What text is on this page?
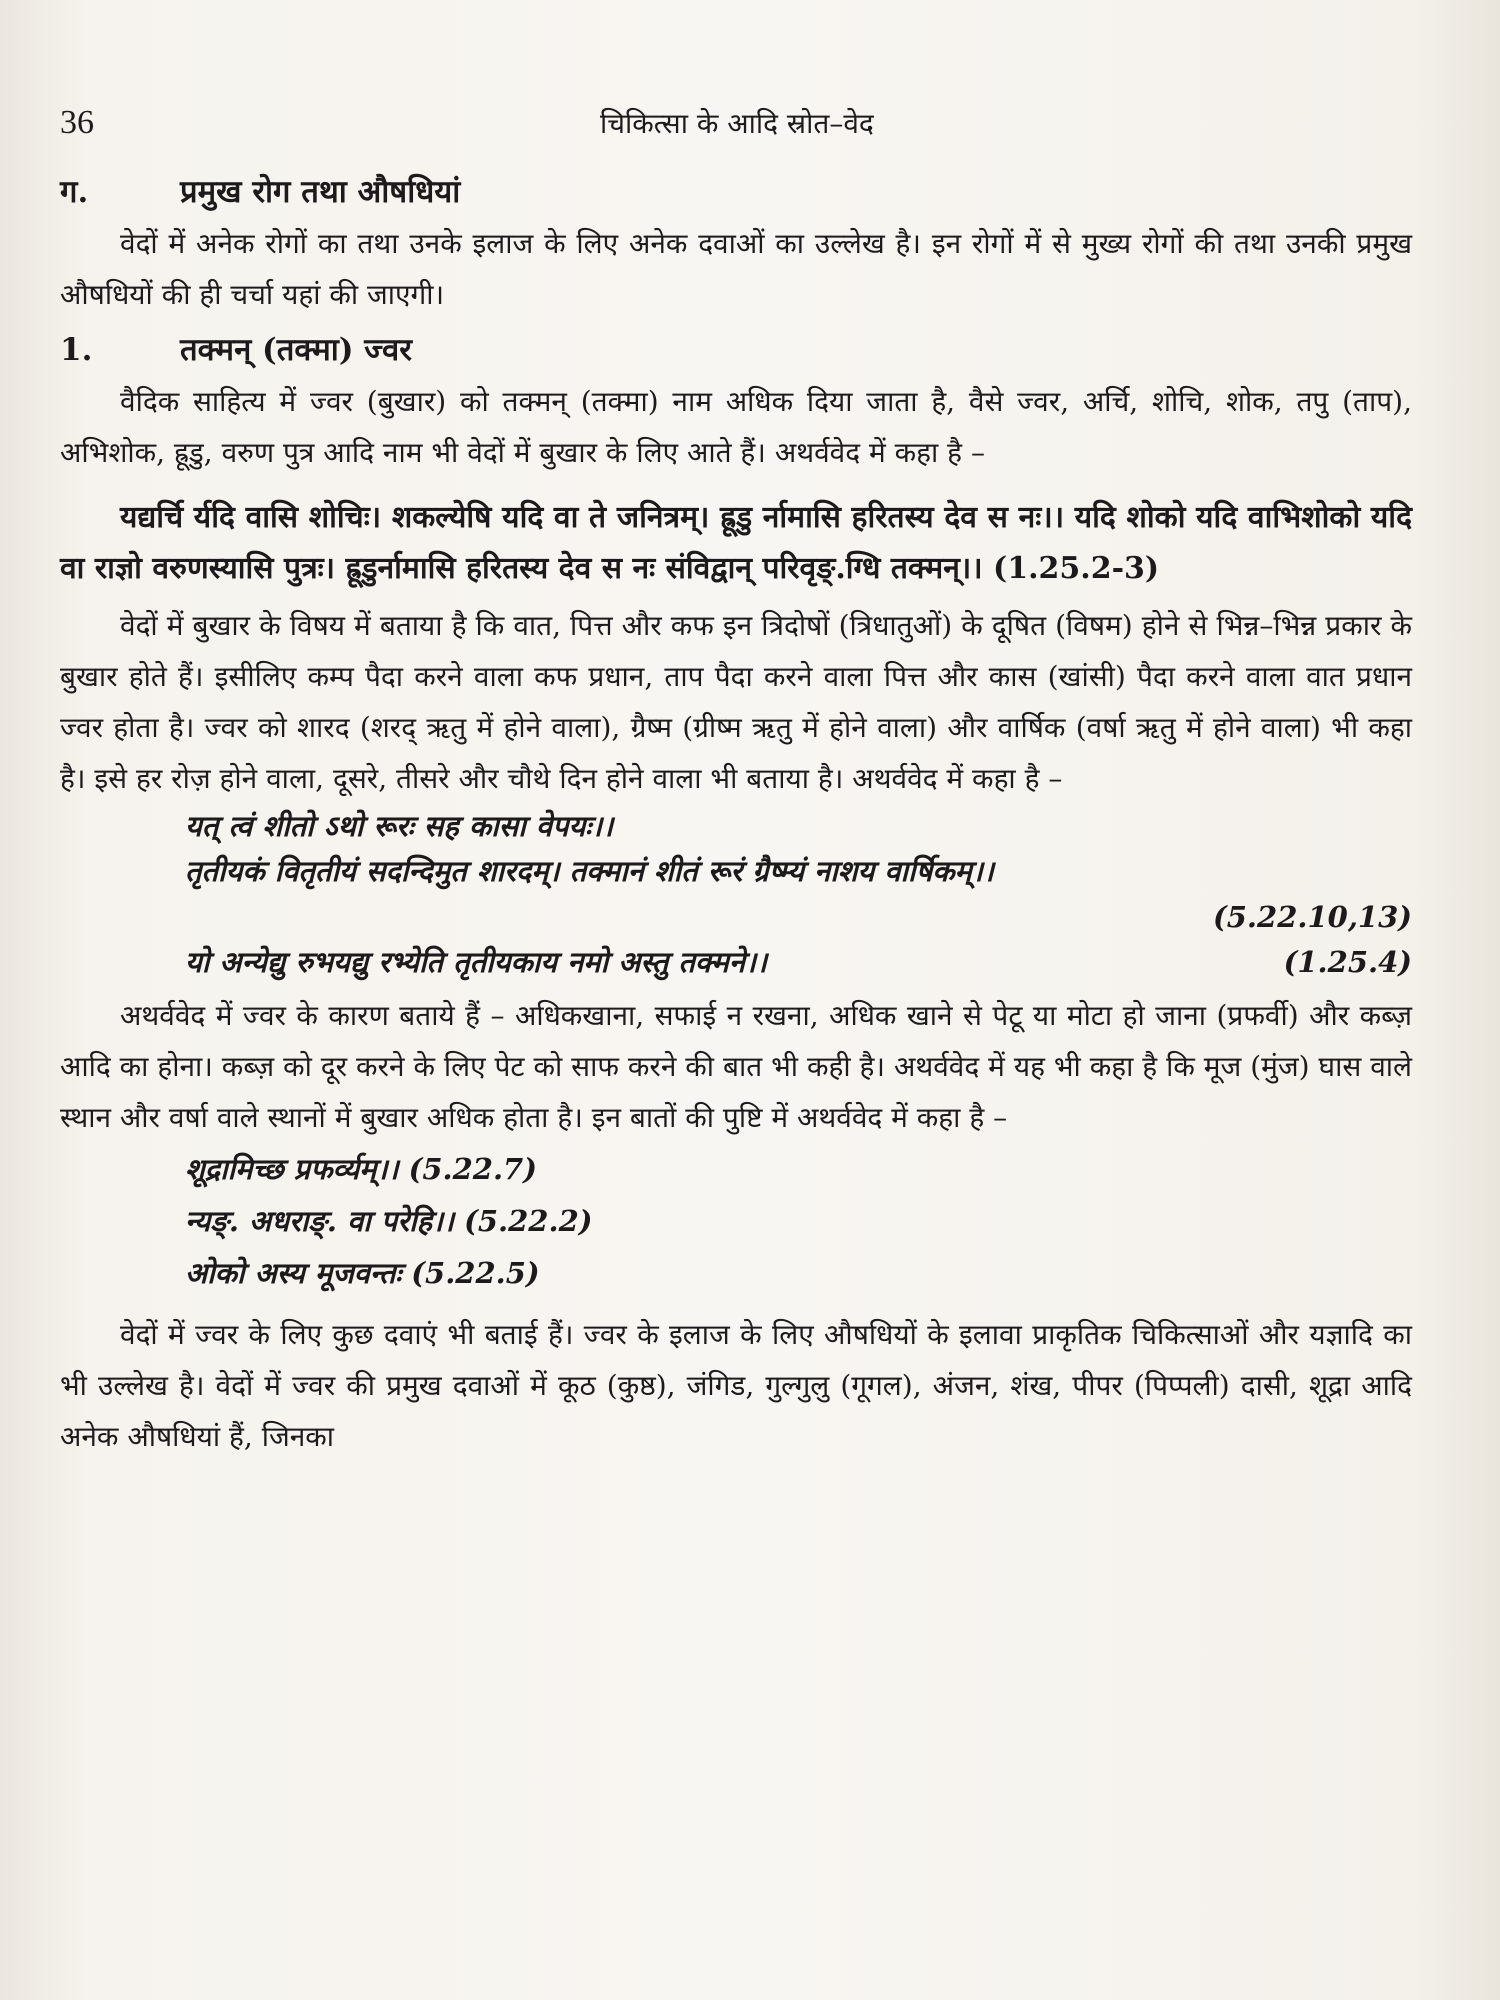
36	चिकित्सा के आदि स्रोत–वेद
ग.	प्रमुख रोग तथा औषधियां

वेदों में अनेक रोगों का तथा उनके इलाज के लिए अनेक दवाओं का उल्लेख है। इन रोगों में से मुख्य रोगों की तथा उनकी प्रमुख औषधियों की ही चर्चा यहां की जाएगी।

1.	तक्मन् (तक्मा) ज्वर

वैदिक साहित्य में ज्वर (बुखार) को तक्मन् (तक्मा) नाम अधिक दिया जाता है, वैसे ज्वर, अर्चि, शोचि, शोक, तपु (ताप), अभिशोक, ह्रूडु, वरुण पुत्र आदि नाम भी वेदों में बुखार के लिए आते हैं। अथर्ववेद में कहा है –

यद्यर्चि र्यदि वासि शोचिः। शकल्येषि यदि वा ते जनित्रम्। ह्रूडु र्नामासि हरितस्य देव स नः।। यदि शोको यदि वाभिशोको यदि वा राज्ञो वरुणस्यासि पुत्रः। ह्रूडुर्नामासि हरितस्य देव स नः संविद्वान् परिवृङ्.ग्धि तक्मन्।। (1.25.2-3)

वेदों में बुखार के विषय में बताया है कि वात, पित्त और कफ इन त्रिदोषों (त्रिधातुओं) के दूषित (विषम) होने से भिन्न–भिन्न प्रकार के बुखार होते हैं। इसीलिए कम्प पैदा करने वाला कफ प्रधान, ताप पैदा करने वाला पित्त और कास (खांसी) पैदा करने वाला वात प्रधान ज्वर होता है। ज्वर को शारद (शरद् ऋतु में होने वाला), ग्रैष्म (ग्रीष्म ऋतु में होने वाला) और वार्षिक (वर्षा ऋतु में होने वाला) भी कहा है। इसे हर रोज़ होने वाला, दूसरे, तीसरे और चौथे दिन होने वाला भी बताया है। अथर्ववेद में कहा है –

यत् त्वं शीतो ऽथो रूरः सह कासा वेपयः।।

तृतीयकं वितृतीयं सदन्दिमुत शारदम्। तक्मानं शीतं रूरं ग्रैष्म्यं नाशय वार्षिकम्।।

(5.22.10,13)
यो अन्येद्यु रुभयद्यु रभ्येति तृतीयकाय नमो अस्तु तक्मने।।	(1.25.4)

अथर्ववेद में ज्वर के कारण बताये हैं – अधिकखाना, सफाई न रखना, अधिक खाने से पेटू या मोटा हो जाना (प्रफर्वी) और कब्ज़ आदि का होना। कब्ज़ को दूर करने के लिए पेट को साफ करने की बात भी कही है। अथर्ववेद में यह भी कहा है कि मूज (मुंज) घास वाले स्थान और वर्षा वाले स्थानों में बुखार अधिक होता है। इन बातों की पुष्टि में अथर्ववेद में कहा है –

शूद्रामिच्छ प्रफर्व्यम्।। (5.22.7)

न्यङ्. अधराङ्. वा परेहि।। (5.22.2)

ओको अस्य मूजवन्तः (5.22.5)

वेदों में ज्वर के लिए कुछ दवाएं भी बताई हैं। ज्वर के इलाज के लिए औषधियों के इलावा प्राकृतिक चिकित्साओं और यज्ञादि का भी उल्लेख है। वेदों में ज्वर की प्रमुख दवाओं में कूठ (कुष्ठ), जंगिड, गुल्गुलु (गूगल), अंजन, शंख, पीपर (पिप्पली) दासी, शूद्रा आदि अनेक औषधियां हैं, जिनका
